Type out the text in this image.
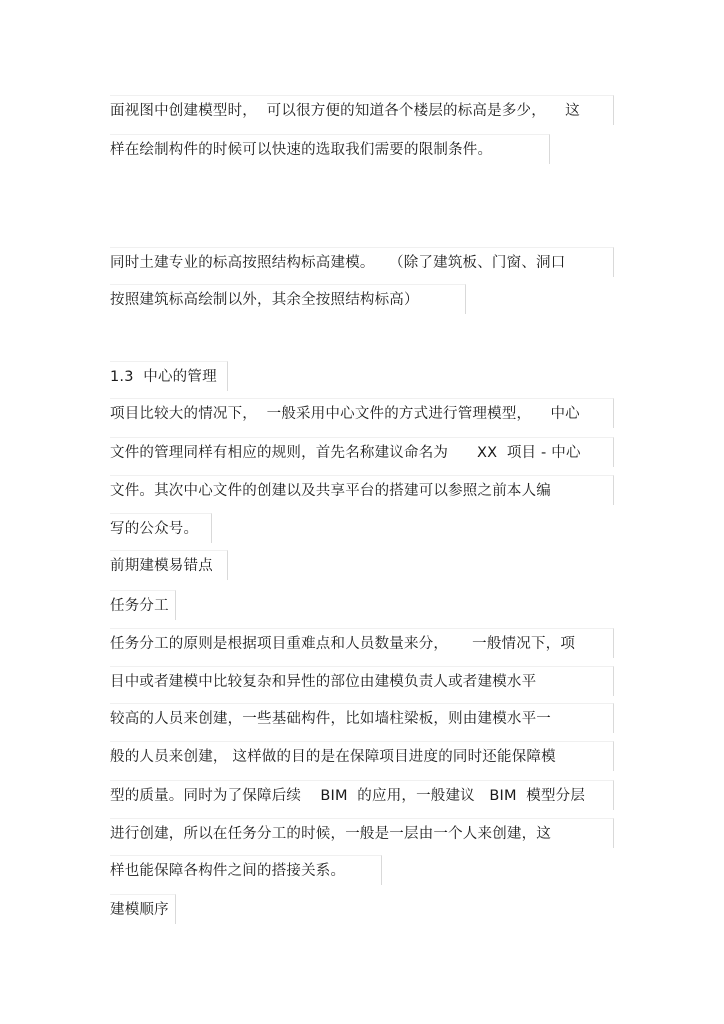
面视图中创建模型时，  可以很方便的知道各个楼层的标高是多少，    这
样在绘制构件的时候可以快速的选取我们需要的限制条件。
同时土建专业的标高按照结构标高建模。   （除了建筑板、门窗、洞口
按照建筑标高绘制以外，其余全按照结构标高）
1.3  中心的管理
项目比较大的情况下，  一般采用中心文件的方式进行管理模型，    中心
文件的管理同样有相应的规则，首先名称建议命名为      XX  项目 - 中心
文件。其次中心文件的创建以及共享平台的搭建可以参照之前本人编
写的公众号。
前期建模易错点
任务分工
任务分工的原则是根据项目重难点和人员数量来分，     一般情况下，项
目中或者建模中比较复杂和异性的部位由建模负责人或者建模水平
较高的人员来创建，一些基础构件，比如墙柱梁板，则由建模水平一
般的人员来创建， 这样做的目的是在保障项目进度的同时还能保障模
型的质量。同时为了保障后续    BIM  的应用，一般建议   BIM  模型分层
进行创建，所以在任务分工的时候，一般是一层由一个人来创建，这
样也能保障各构件之间的搭接关系。
建模顺序
